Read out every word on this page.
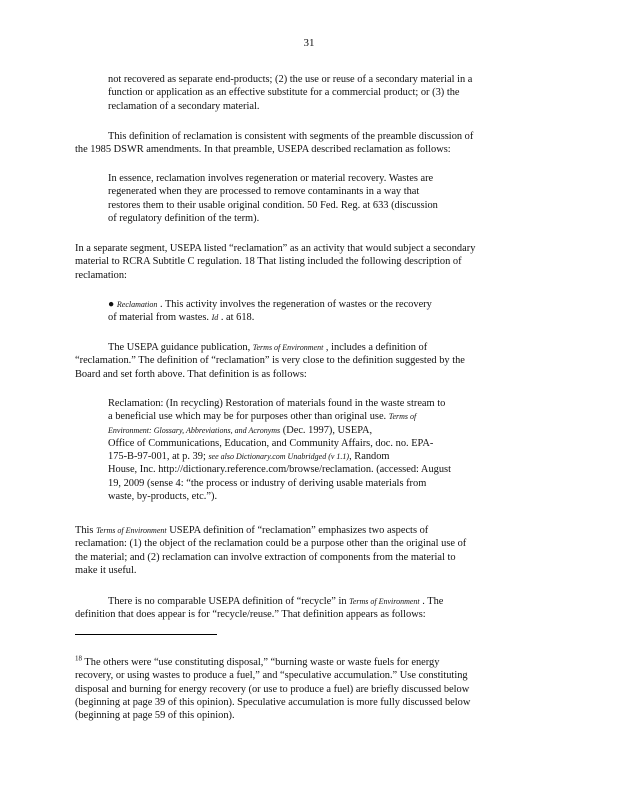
31
not recovered as separate end-products; (2) the use or reuse of a secondary material in a
function or application as an effective substitute for a commercial product; or (3) the
reclamation of a secondary material.
This definition of reclamation is consistent with segments of the preamble discussion of
the 1985 DSWR amendments. In that preamble, USEPA described reclamation as follows:
In essence, reclamation involves regeneration or material recovery. Wastes are
regenerated when they are processed to remove contaminants in a way that
restores them to their usable original condition. 50 Fed. Reg. at 633 (discussion
of regulatory definition of the term).
In a separate segment, USEPA listed “reclamation” as an activity that would subject a secondary
material to RCRA Subtitle C regulation. 18 That listing included the following description of
reclamation:
● Reclamation . This activity involves the regeneration of wastes or the recovery
of material from wastes. Id . at 618.
The USEPA guidance publication, Terms of Environment , includes a definition of
“reclamation.” The definition of “reclamation” is very close to the definition suggested by the
Board and set forth above. That definition is as follows:
Reclamation: (In recycling) Restoration of materials found in the waste stream to
a beneficial use which may be for purposes other than original use. Terms of
Environment: Glossary, Abbreviations, and Acronyms (Dec. 1997), USEPA,
Office of Communications, Education, and Community Affairs, doc. no. EPA-
175-B-97-001, at p. 39; see also Dictionary.com Unabridged (v 1.1), Random
House, Inc. http://dictionary.reference.com/browse/reclamation. (accessed: August
19, 2009 (sense 4: “the process or industry of deriving usable materials from
waste, by-products, etc.”).
This Terms of Environment USEPA definition of “reclamation” emphasizes two aspects of
reclamation: (1) the object of the reclamation could be a purpose other than the original use of
the material; and (2) reclamation can involve extraction of components from the material to
make it useful.
There is no comparable USEPA definition of “recycle” in Terms of Environment . The
definition that does appear is for “recycle/reuse.” That definition appears as follows:
$^{18}$ The others were “use constituting disposal,” “burning waste or waste fuels for energy
recovery, or using wastes to produce a fuel,” and “speculative accumulation.” Use constituting
disposal and burning for energy recovery (or use to produce a fuel) are briefly discussed below
(beginning at page 39 of this opinion). Speculative accumulation is more fully discussed below
(beginning at page 59 of this opinion).
